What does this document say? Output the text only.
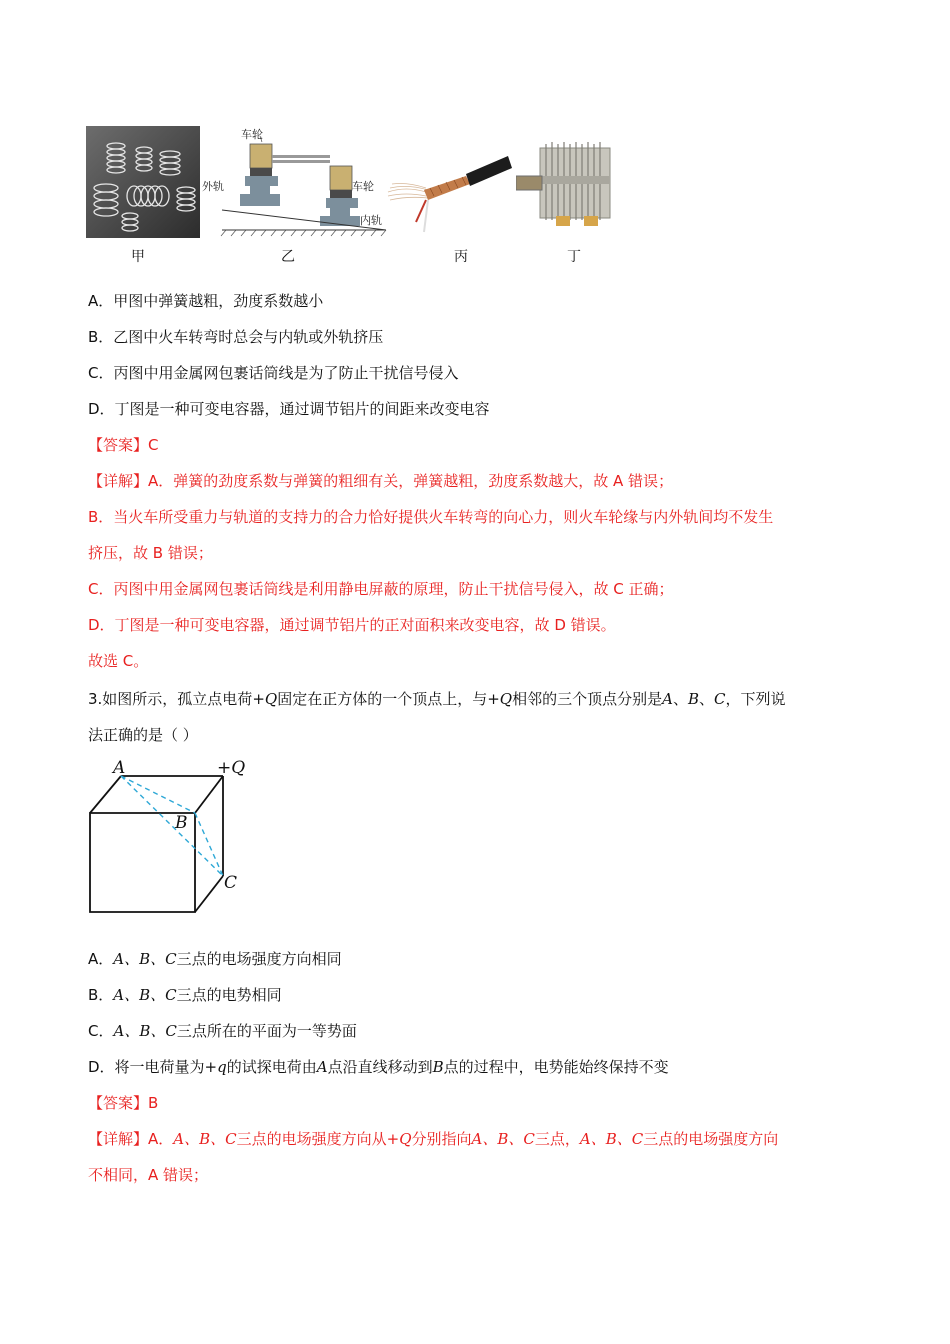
车轮
外轨	车轮
内轨
甲	乙	丙	丁
A．甲图中弹簧越粗，劲度系数越小
B．乙图中火车转弯时总会与内轨或外轨挤压
C．丙图中用金属网包裹话筒线是为了防止干扰信号侵入
D．丁图是一种可变电容器，通过调节铝片的间距来改变电容
【答案】C
【详解】A．弹簧的劲度系数与弹簧的粗细有关，弹簧越粗，劲度系数越大，故 A 错误；
B．当火车所受重力与轨道的支持力的合力恰好提供火车转弯的向心力，则火车轮缘与内外轨间均不发生
挤压，故 B 错误；
C．丙图中用金属网包裹话筒线是利用静电屏蔽的原理，防止干扰信号侵入，故 C 正确；
D．丁图是一种可变电容器，通过调节铝片的正对面积来改变电容，故 D 错误。
故选 C。
3.如图所示，孤立点电荷+Q固定在正方体的一个顶点上，与+Q相邻的三个顶点分别是A、B、C，下列说
法正确的是（ ）
A	+Q
B
C
A．A、B、C三点的电场强度方向相同
B．A、B、C三点的电势相同
C．A、B、C三点所在的平面为一等势面
D．将一电荷量为+q的试探电荷由A点沿直线移动到B点的过程中，电势能始终保持不变
【答案】B
【详解】A．A、B、C三点的电场强度方向从+Q分别指向A、B、C三点，A、B、C三点的电场强度方向
不相同，A 错误；
